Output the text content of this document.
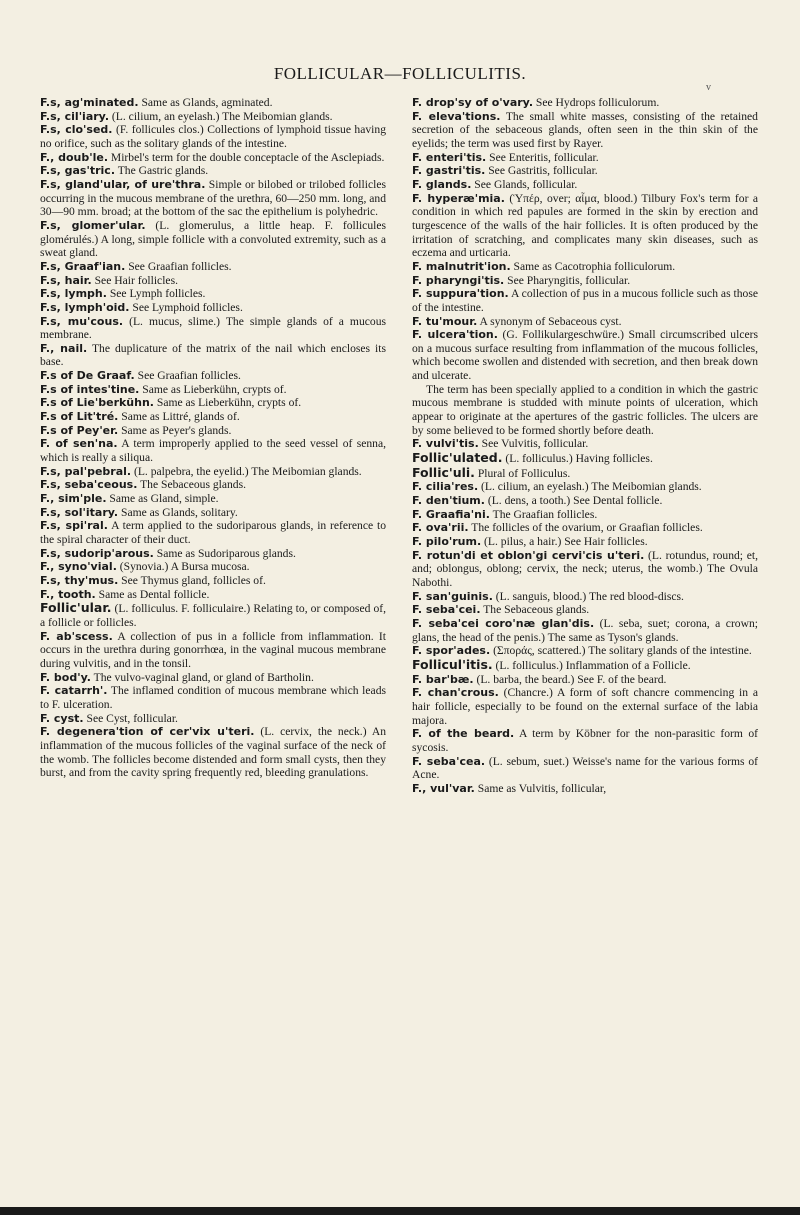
FOLLICULAR—FOLLICULITIS.
v

F.s, ag'minated. Same as Glands, agminated.

F.s, cil'iary. (L. cilium, an eyelash.) The Meibomian glands.

F.s, clo'sed. (F. follicules clos.) Collections of lymphoid tissue having no orifice, such as the solitary glands of the intestine.

F., doub'le. Mirbel's term for the double conceptacle of the Asclepiads.

F.s, gas'tric. The Gastric glands.

F.s, gland'ular, of ure'thra. Simple or bilobed or trilobed follicles occurring in the mucous membrane of the urethra, 60—250 mm. long, and 30—90 mm. broad; at the bottom of the sac the epithelium is polyhedric.

F.s, glomer'ular. (L. glomerulus, a little heap. F. follicules glomérulés.) A long, simple follicle with a convoluted extremity, such as a sweat gland.

F.s, Graaf'ian. See Graafian follicles.

F.s, hair. See Hair follicles.

F.s, lymph. See Lymph follicles.

F.s, lymph'oid. See Lymphoid follicles.

F.s, mu'cous. (L. mucus, slime.) The simple glands of a mucous membrane.

F., nail. The duplicature of the matrix of the nail which encloses its base.

F.s of De Graaf. See Graafian follicles.

F.s of intes'tine. Same as Lieberkühn, crypts of.

F.s of Lie'berkühn. Same as Lieberkühn, crypts of.

F.s of Lit'tré. Same as Littré, glands of.

F.s of Pey'er. Same as Peyer's glands.

F. of sen'na. A term improperly applied to the seed vessel of senna, which is really a siliqua.

F.s, pal'pebral. (L. palpebra, the eyelid.) The Meibomian glands.

F.s, seba'ceous. The Sebaceous glands.

F., sim'ple. Same as Gland, simple.

F.s, sol'itary. Same as Glands, solitary.

F.s, spi'ral. A term applied to the sudoriparous glands, in reference to the spiral character of their duct.

F.s, sudorip'arous. Same as Sudoriparous glands.

F., syno'vial. (Synovia.) A Bursa mucosa.

F.s, thy'mus. See Thymus gland, follicles of.

F., tooth. Same as Dental follicle.

Follic'ular. (L. folliculus. F. folliculaire.) Relating to, or composed of, a follicle or follicles.

F. ab'scess. A collection of pus in a follicle from inflammation. It occurs in the urethra during gonorrhœa, in the vaginal mucous membrane during vulvitis, and in the tonsil.

F. bod'y. The vulvo-vaginal gland, or gland of Bartholin.

F. catarrh'. The inflamed condition of mucous membrane which leads to F. ulceration.

F. cyst. See Cyst, follicular.

F. degenera'tion of cer'vix u'teri. (L. cervix, the neck.) An inflammation of the mucous follicles of the vaginal surface of the neck of the womb. The follicles become distended and form small cysts, then they burst, and from the cavity spring frequently red, bleeding granulations.

F. drop'sy of o'vary. See Hydrops folliculorum.

F. eleva'tions. The small white masses, consisting of the retained secretion of the sebaceous glands, often seen in the thin skin of the eyelids; the term was used first by Rayer.

F. enteri'tis. See Enteritis, follicular.

F. gastri'tis. See Gastritis, follicular.

F. glands. See Glands, follicular.

F. hyperæ'mia. (Ὑπέρ, over; αἷμα, blood.) Tilbury Fox's term for a condition in which red papules are formed in the skin by erection and turgescence of the walls of the hair follicles. It is often produced by the irritation of scratching, and complicates many skin diseases, such as eczema and urticaria.

F. malnutrit'ion. Same as Cacotrophia folliculorum.

F. pharyngi'tis. See Pharyngitis, follicular.

F. suppura'tion. A collection of pus in a mucous follicle such as those of the intestine.

F. tu'mour. A synonym of Sebaceous cyst.

F. ulcera'tion. (G. Follikulargeschwüre.) Small circumscribed ulcers on a mucous surface resulting from inflammation of the mucous follicles, which become swollen and distended with secretion, and then break down and ulcerate.

The term has been specially applied to a condition in which the gastric mucous membrane is studded with minute points of ulceration, which appear to originate at the apertures of the gastric follicles. The ulcers are by some believed to be formed shortly before death.

F. vulvi'tis. See Vulvitis, follicular.

Follic'ulated. (L. folliculus.) Having follicles.

Follic'uli. Plural of Folliculus.

F. cilia'res. (L. cilium, an eyelash.) The Meibomian glands.

F. den'tium. (L. dens, a tooth.) See Dental follicle.

F. Graafia'ni. The Graafian follicles.

F. ova'rii. The follicles of the ovarium, or Graafian follicles.

F. pilo'rum. (L. pilus, a hair.) See Hair follicles.

F. rotun'di et oblon'gi cervi'cis u'teri. (L. rotundus, round; et, and; oblongus, oblong; cervix, the neck; uterus, the womb.) The Ovula Nabothi.

F. san'guinis. (L. sanguis, blood.) The red blood-discs.

F. seba'cei. The Sebaceous glands.

F. seba'cei coro'næ glan'dis. (L. seba, suet; corona, a crown; glans, the head of the penis.) The same as Tyson's glands.

F. spor'ades. (Σποράς, scattered.) The solitary glands of the intestine.

Follicul'itis. (L. folliculus.) Inflammation of a Follicle.

F. bar'bæ. (L. barba, the beard.) See F. of the beard.

F. chan'crous. (Chancre.) A form of soft chancre commencing in a hair follicle, especially to be found on the external surface of the labia majora.

F. of the beard. A term by Köbner for the non-parasitic form of sycosis.

F. seba'cea. (L. sebum, suet.) Weisse's name for the various forms of Acne.

F., vul'var. Same as Vulvitis, follicular,
